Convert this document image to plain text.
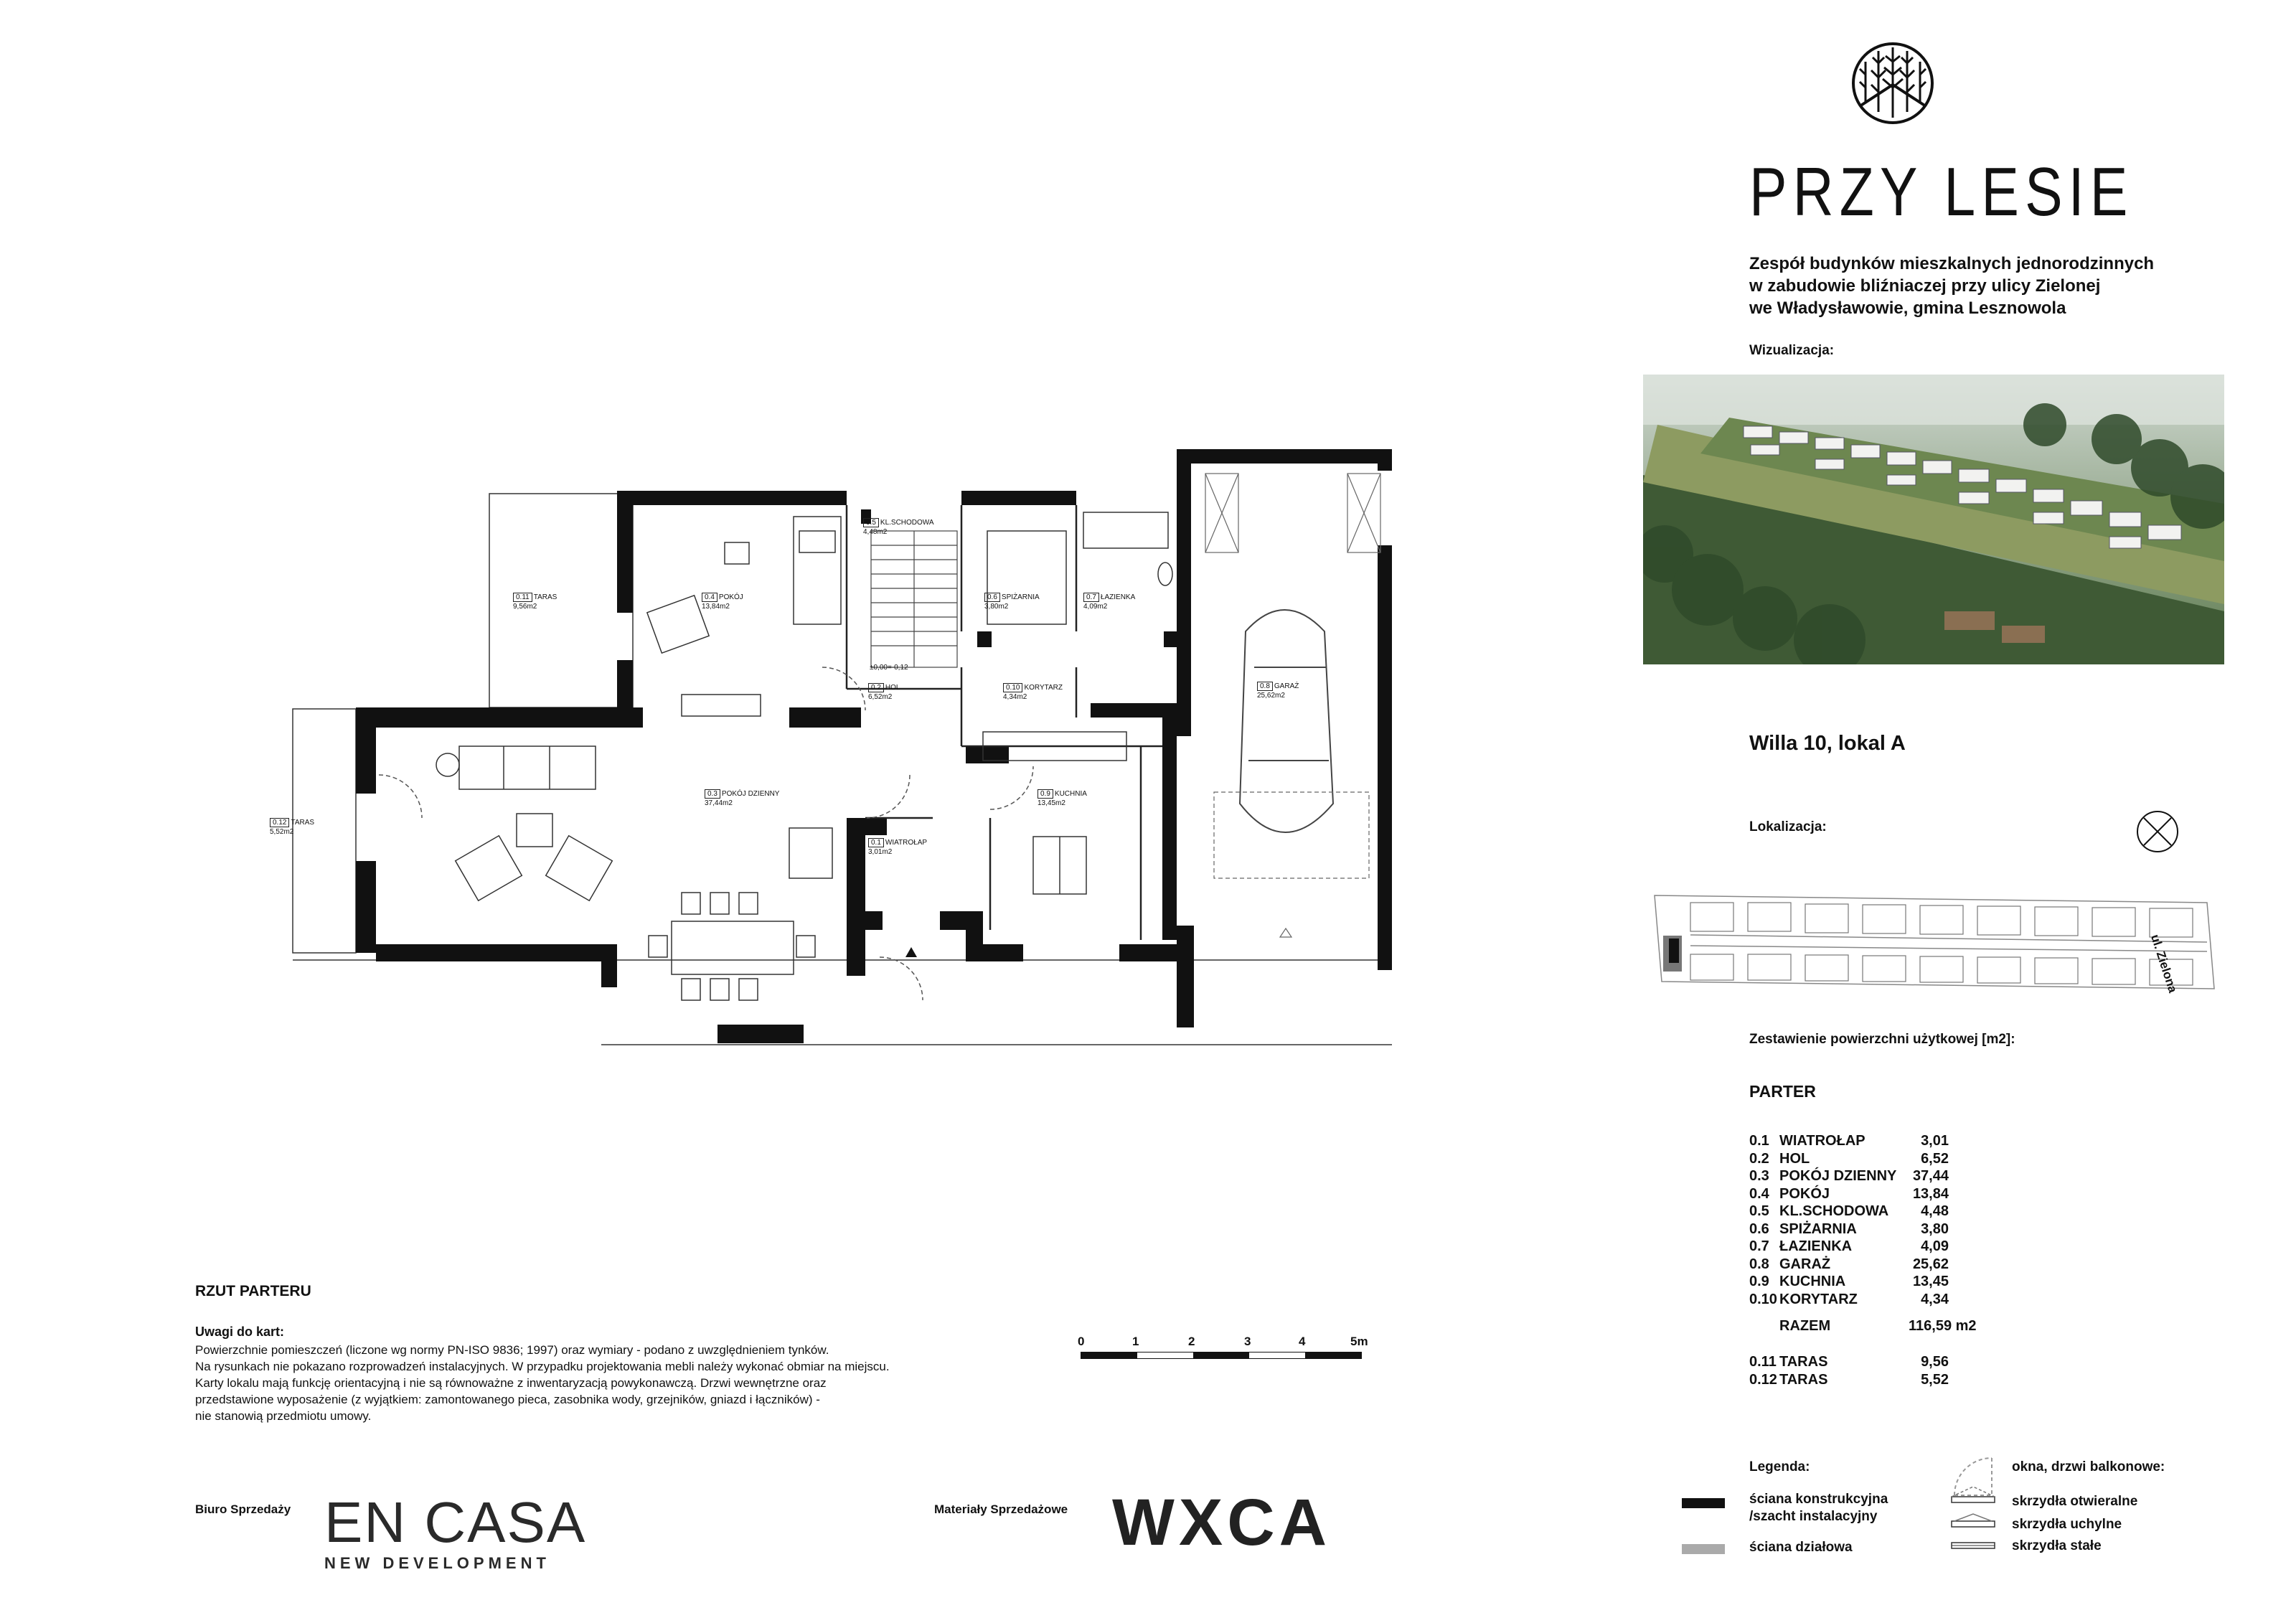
PRZY LESIE
Zespół budynków mieszkalnych jednorodzinnych
w zabudowie bliźniaczej przy ulicy Zielonej
we Władysławowie, gmina Lesznowola
Wizualizacja:
Willa 10, lokal A
Lokalizacja:
ul. Zielona
Zestawienie powierzchni użytkowej [m2]:
PARTER
0.1 WIATROŁAP	3,01
0.2 HOL	6,52
0.3 POKÓJ DZIENNY	37,44
0.4 POKÓJ	13,84
0.5 KL.SCHODOWA	4,48
0.6 SPIŻARNIA	3,80
0.7 ŁAZIENKA	4,09
0.8 GARAŻ	25,62
0.9 KUCHNIA	13,45
0.10 KORYTARZ	4,34
RAZEM	116,59 m2
0.11 TARAS	9,56
0.12 TARAS	5,52
Legenda:	okna, drzwi balkonowe:
ściana konstrukcyjna
/szacht instalacyjny
ściana działowa
skrzydła otwieralne
skrzydła uchylne
skrzydła stałe
0.11 TARAS
9,56m2
0.4 POKÓJ
13,84m2
0.5 KL.SCHODOWA
4,48m2
0.6 SPIŻARNIA
3,80m2
0.7 ŁAZIENKA
4,09m2
0.8 GARAŻ
25,62m2
0.2 HOL
6,52m2
0.10 KORYTARZ
4,34m2
0.3 POKÓJ DZIENNY
37,44m2
0.12 TARAS
5,52m2
0.9 KUCHNIA
13,45m2
0.1 WIATROŁAP
3,01m2
±0,00=-0,12
RZUT PARTERU
Uwagi do kart:
Powierzchnie pomieszczeń (liczone wg normy PN-ISO 9836; 1997) oraz wymiary - podano z uwzględnieniem tynków.
Na rysunkach nie pokazano rozprowadzeń instalacyjnych. W przypadku projektowania mebli należy wykonać obmiar na miejscu.
Karty lokalu mają funkcję orientacyjną i nie są równoważne z inwentaryzacją powykonawczą. Drzwi wewnętrzne oraz
przedstawione wyposażenie (z wyjątkiem: zamontowanego pieca, zasobnika wody, grzejników, gniazd i łączników) -
nie stanowią przedmiotu umowy.
0	1	2	3	4	5m
Biuro Sprzedaży EN CASA
NEW DEVELOPMENT
Materiały Sprzedażowe WXCA
